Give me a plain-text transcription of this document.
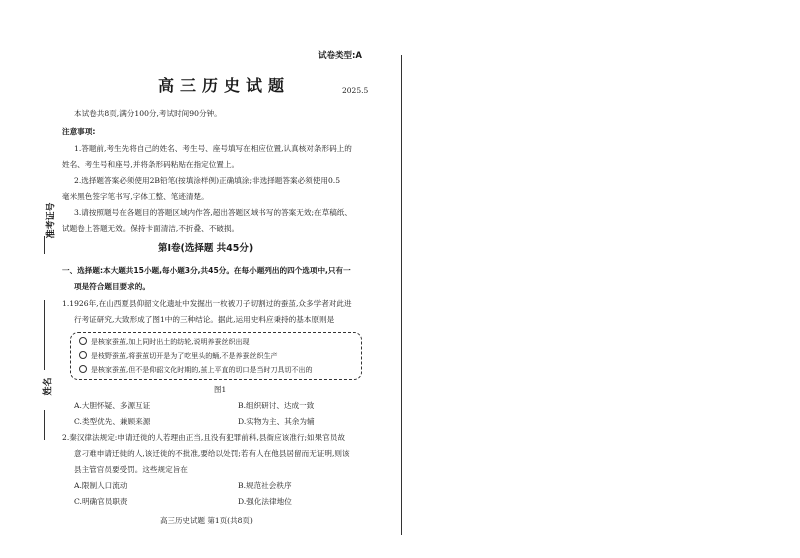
准考证号
姓名
试卷类型:A
高三历史试题	2025.5
本试卷共8页,满分100分,考试时间90分钟。
注意事项:
1.答题前,考生先将自己的姓名、考生号、座号填写在相应位置,认真核对条形码上的
姓名、考生号和座号,并将条形码粘贴在指定位置上。
2.选择题答案必须使用2B铅笔(按填涂样例)正确填涂;非选择题答案必须使用0.5
毫米黑色签字笔书写,字体工整、笔迹清楚。
3.请按照题号在各题目的答题区域内作答,超出答题区域书写的答案无效;在草稿纸、
试题卷上答题无效。保持卡面清洁,不折叠、不破损。
第Ⅰ卷(选择题 共45分)
一、选择题:本大题共15小题,每小题3分,共45分。在每小题列出的四个选项中,只有一
项是符合题目要求的。
1.1926年,在山西夏县仰韶文化遗址中发掘出一枚被刀子切割过的蚕茧,众多学者对此进
行考证研究,大致形成了图1中的三种结论。据此,运用史料应秉持的基本原则是
是核家蚕茧,加上同时出土的纺轮,说明养蚕丝织出现
是枝野蚕茧,将蚕茧切开是为了吃里头的蛹,不是养蚕丝织生产
是核家蚕茧,但不是仰韶文化时期的,茧上平直的切口是当时刀具切不出的
图1
A.大胆怀疑、多源互证	B.组织研讨、达成一致
C.类型优先、兼顾来源	D.实物为主、其余为辅
2.秦汉律法规定:申请迁徙的人若理由正当,且没有犯罪前科,县衙应该准行;如果官员故
意刁难申请迁徙的人,该迁徙的不批准,要给以处罚;若有人在他县居留而无证明,则该
县主管官员要受罚。这些规定旨在
A.限制人口流动	B.规范社会秩序
C.明确官员职责	D.强化法律地位
高三历史试题 第1页(共8页)
